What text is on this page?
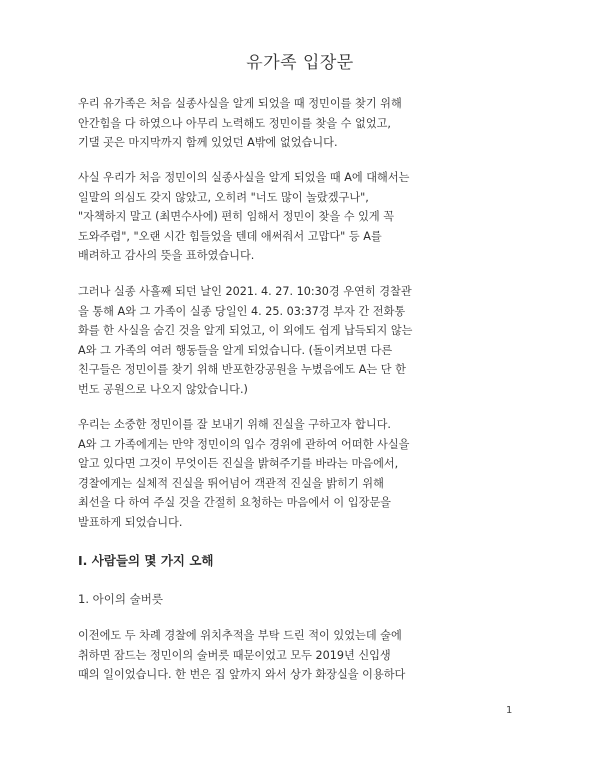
유가족 입장문
우리 유가족은 처음 실종사실을 알게 되었을 때 정민이를 찾기 위해
안간힘을 다 하였으나 아무리 노력해도 정민이를 찾을 수 없었고,
기댈 곳은 마지막까지 함께 있었던 A밖에 없었습니다.
사실 우리가 처음 정민이의 실종사실을 알게 되었을 때 A에 대해서는
일말의 의심도 갖지 않았고, 오히려 "너도 많이 놀랐겠구나",
"자책하지 말고 (최면수사에) 편히 임해서 정민이 찾을 수 있게 꼭
도와주렴", "오랜 시간 힘들었을 텐데 애써줘서 고맙다" 등 A를
배려하고 감사의 뜻을 표하였습니다.
그러나 실종 사흘째 되던 날인 2021. 4. 27. 10:30경 우연히 경찰관
을 통해 A와 그 가족이 실종 당일인 4. 25. 03:37경 부자 간 전화통
화를 한 사실을 숨긴 것을 알게 되었고, 이 외에도 쉽게 납득되지 않는
A와 그 가족의 여러 행동들을 알게 되었습니다. (돌이켜보면 다른
친구들은 정민이를 찾기 위해 반포한강공원을 누볐음에도 A는 단 한
번도 공원으로 나오지 않았습니다.)
우리는 소중한 정민이를 잘 보내기 위해 진실을 구하고자 합니다.
A와 그 가족에게는 만약 정민이의 입수 경위에 관하여 어떠한 사실을
알고 있다면 그것이 무엇이든 진실을 밝혀주기를 바라는 마음에서,
경찰에게는 실체적 진실을 뛰어넘어 객관적 진실을 밝히기 위해
최선을 다 하여 주실 것을 간절히 요청하는 마음에서 이 입장문을
발표하게 되었습니다.
Ⅰ. 사람들의 몇 가지 오해
1. 아이의 술버릇
이전에도 두 차례 경찰에 위치추적을 부탁 드린 적이 있었는데 술에
취하면 잠드는 정민이의 술버릇 때문이었고 모두 2019년 신입생
때의 일이었습니다. 한 번은 집 앞까지 와서 상가 화장실을 이용하다
1
